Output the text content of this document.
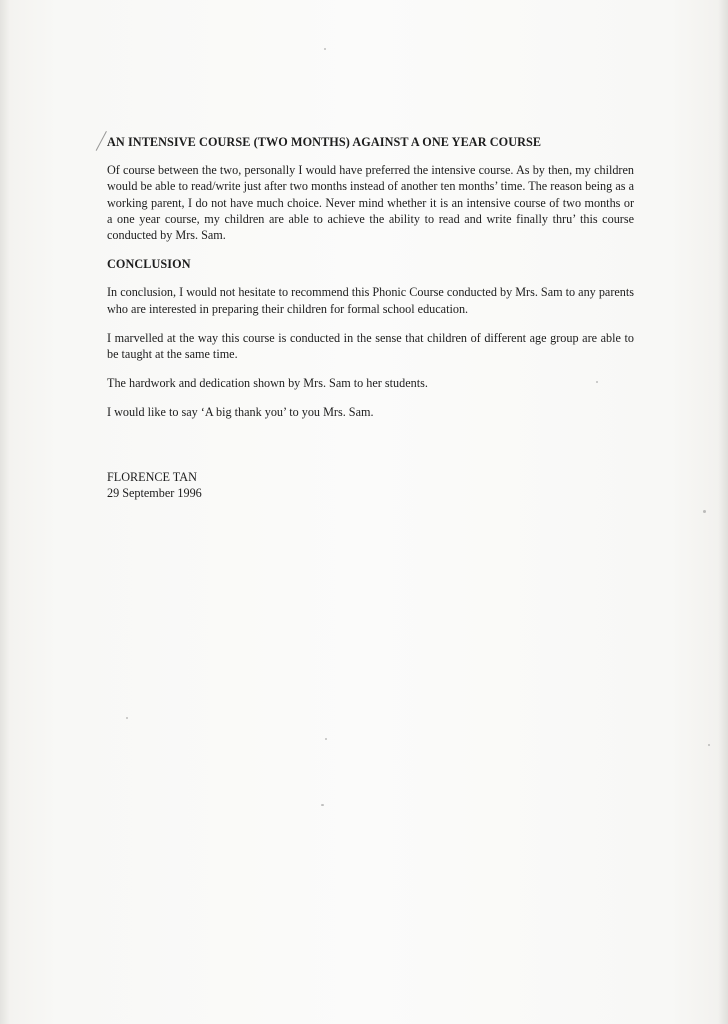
AN INTENSIVE COURSE (TWO MONTHS) AGAINST A ONE YEAR COURSE

Of course between the two, personally I would have preferred the intensive course. As by then, my children would be able to read/write just after two months instead of another ten months’ time. The reason being as a working parent, I do not have much choice. Never mind whether it is an intensive course of two months or a one year course, my children are able to achieve the ability to read and write finally thru’ this course conducted by Mrs. Sam.

CONCLUSION

In conclusion, I would not hesitate to recommend this Phonic Course conducted by Mrs. Sam to any parents who are interested in preparing their children for formal school education.

I marvelled at the way this course is conducted in the sense that children of different age group are able to be taught at the same time.

The hardwork and dedication shown by Mrs. Sam to her students.

I would like to say ‘A big thank you’ to you Mrs. Sam.

FLORENCE TAN
29 September 1996
